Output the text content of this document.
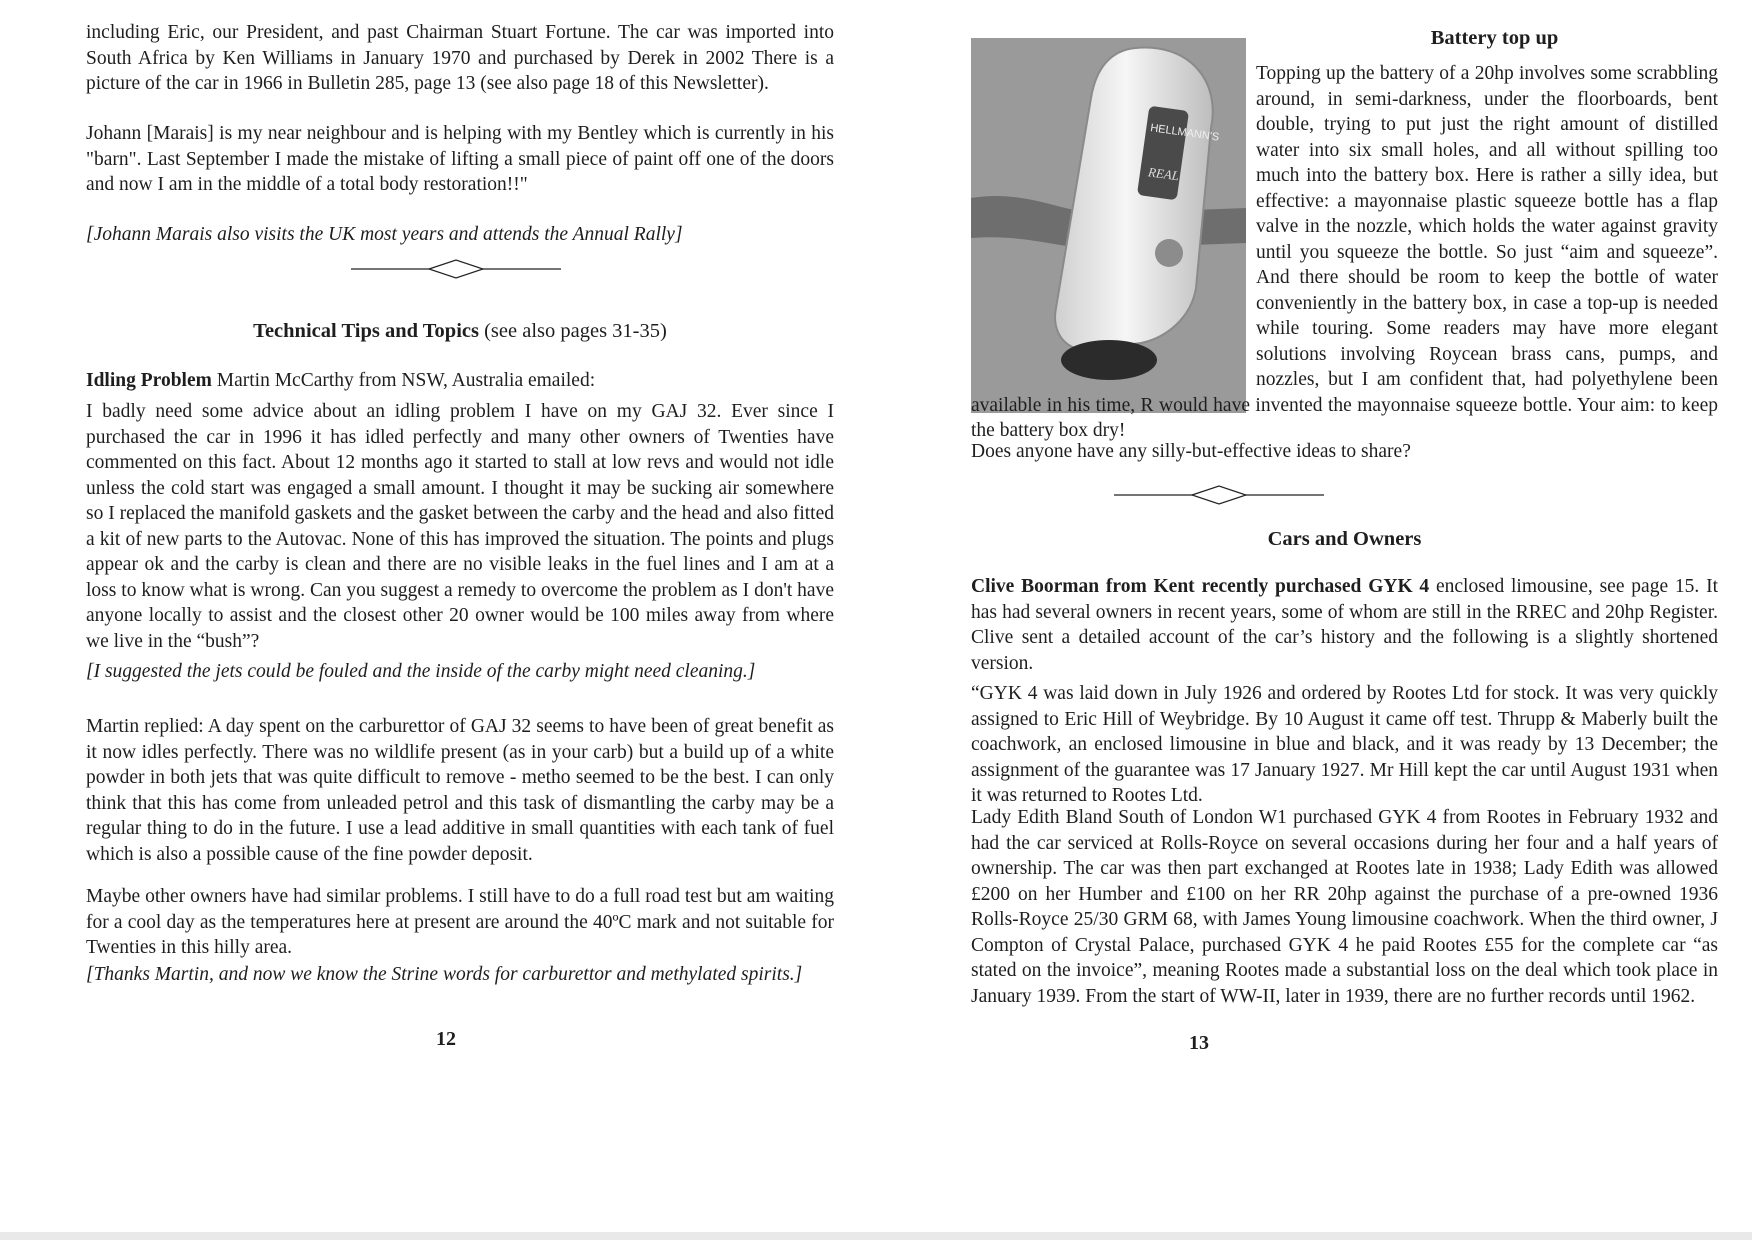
including Eric, our President, and past Chairman Stuart Fortune. The car was imported into South Africa by Ken Williams in January 1970 and purchased by Derek in 2002 There is a picture of the car in 1966 in Bulletin 285, page 13 (see also page 18 of this Newsletter).

Johann [Marais] is my near neighbour and is helping with my Bentley which is currently in his "barn". Last September I made the mistake of lifting a small piece of paint off one of the doors and now I am in the middle of a total body restoration!!"

[Johann Marais also visits the UK most years and attends the Annual Rally]

Technical Tips and Topics (see also pages 31-35)

Idling Problem Martin McCarthy from NSW, Australia emailed:

I badly need some advice about an idling problem I have on my GAJ 32. Ever since I purchased the car in 1996 it has idled perfectly and many other owners of Twenties have commented on this fact. About 12 months ago it started to stall at low revs and would not idle unless the cold start was engaged a small amount. I thought it may be sucking air somewhere so I replaced the manifold gaskets and the gasket between the carby and the head and also fitted a kit of new parts to the Autovac. None of this has improved the situation. The points and plugs appear ok and the carby is clean and there are no visible leaks in the fuel lines and I am at a loss to know what is wrong. Can you suggest a remedy to overcome the problem as I don't have anyone locally to assist and the closest other 20 owner would be 100 miles away from where we live in the “bush”?

[I suggested the jets could be fouled and the inside of the carby might need cleaning.]

Martin replied: A day spent on the carburettor of GAJ 32 seems to have been of great benefit as it now idles perfectly. There was no wildlife present (as in your carb) but a build up of a white powder in both jets that was quite difficult to remove - metho seemed to be the best. I can only think that this has come from unleaded petrol and this task of dismantling the carby may be a regular thing to do in the future. I use a lead additive in small quantities with each tank of fuel which is also a possible cause of the fine powder deposit.

Maybe other owners have had similar problems. I still have to do a full road test but am waiting for a cool day as the temperatures here at present are around the 40ºC mark and not suitable for Twenties in this hilly area.

[Thanks Martin, and now we know the Strine words for carburettor and methylated spirits.]

12
HELLMANN'S
REAL
Battery top up

Topping up the battery of a 20hp involves some scrabbling around, in semi-darkness, under the floorboards, bent double, trying to put just the right amount of distilled water into six small holes, and all without spilling too much into the battery box. Here is rather a silly idea, but effective: a mayonnaise plastic squeeze bottle has a flap valve in the nozzle, which holds the water against gravity until you squeeze the bottle. So just “aim and squeeze”. And there should be room to keep the bottle of water conveniently in the battery box, in case a top-up is needed while touring. Some readers may have more elegant solutions involving Roycean brass cans, pumps, and nozzles, but I am confident that, had polyethylene been available in his time, R would have invented the mayonnaise squeeze bottle. Your aim: to keep the battery box dry!

Does anyone have any silly-but-effective ideas to share?

Cars and Owners

Clive Boorman from Kent recently purchased GYK 4 enclosed limousine, see page 15. It has had several owners in recent years, some of whom are still in the RREC and 20hp Register. Clive sent a detailed account of the car’s history and the following is a slightly shortened version.

“GYK 4 was laid down in July 1926 and ordered by Rootes Ltd for stock. It was very quickly assigned to Eric Hill of Weybridge. By 10 August it came off test. Thrupp & Maberly built the coachwork, an enclosed limousine in blue and black, and it was ready by 13 December; the assignment of the guarantee was 17 January 1927. Mr Hill kept the car until August 1931 when it was returned to Rootes Ltd.

Lady Edith Bland South of London W1 purchased GYK 4 from Rootes in February 1932 and had the car serviced at Rolls-Royce on several occasions during her four and a half years of ownership. The car was then part exchanged at Rootes late in 1938; Lady Edith was allowed £200 on her Humber and £100 on her RR 20hp against the purchase of a pre-owned 1936 Rolls-Royce 25/30 GRM 68, with James Young limousine coachwork. When the third owner, J Compton of Crystal Palace, purchased GYK 4 he paid Rootes £55 for the complete car “as stated on the invoice”, meaning Rootes made a substantial loss on the deal which took place in January 1939. From the start of WW-II, later in 1939, there are no further records until 1962.

13
